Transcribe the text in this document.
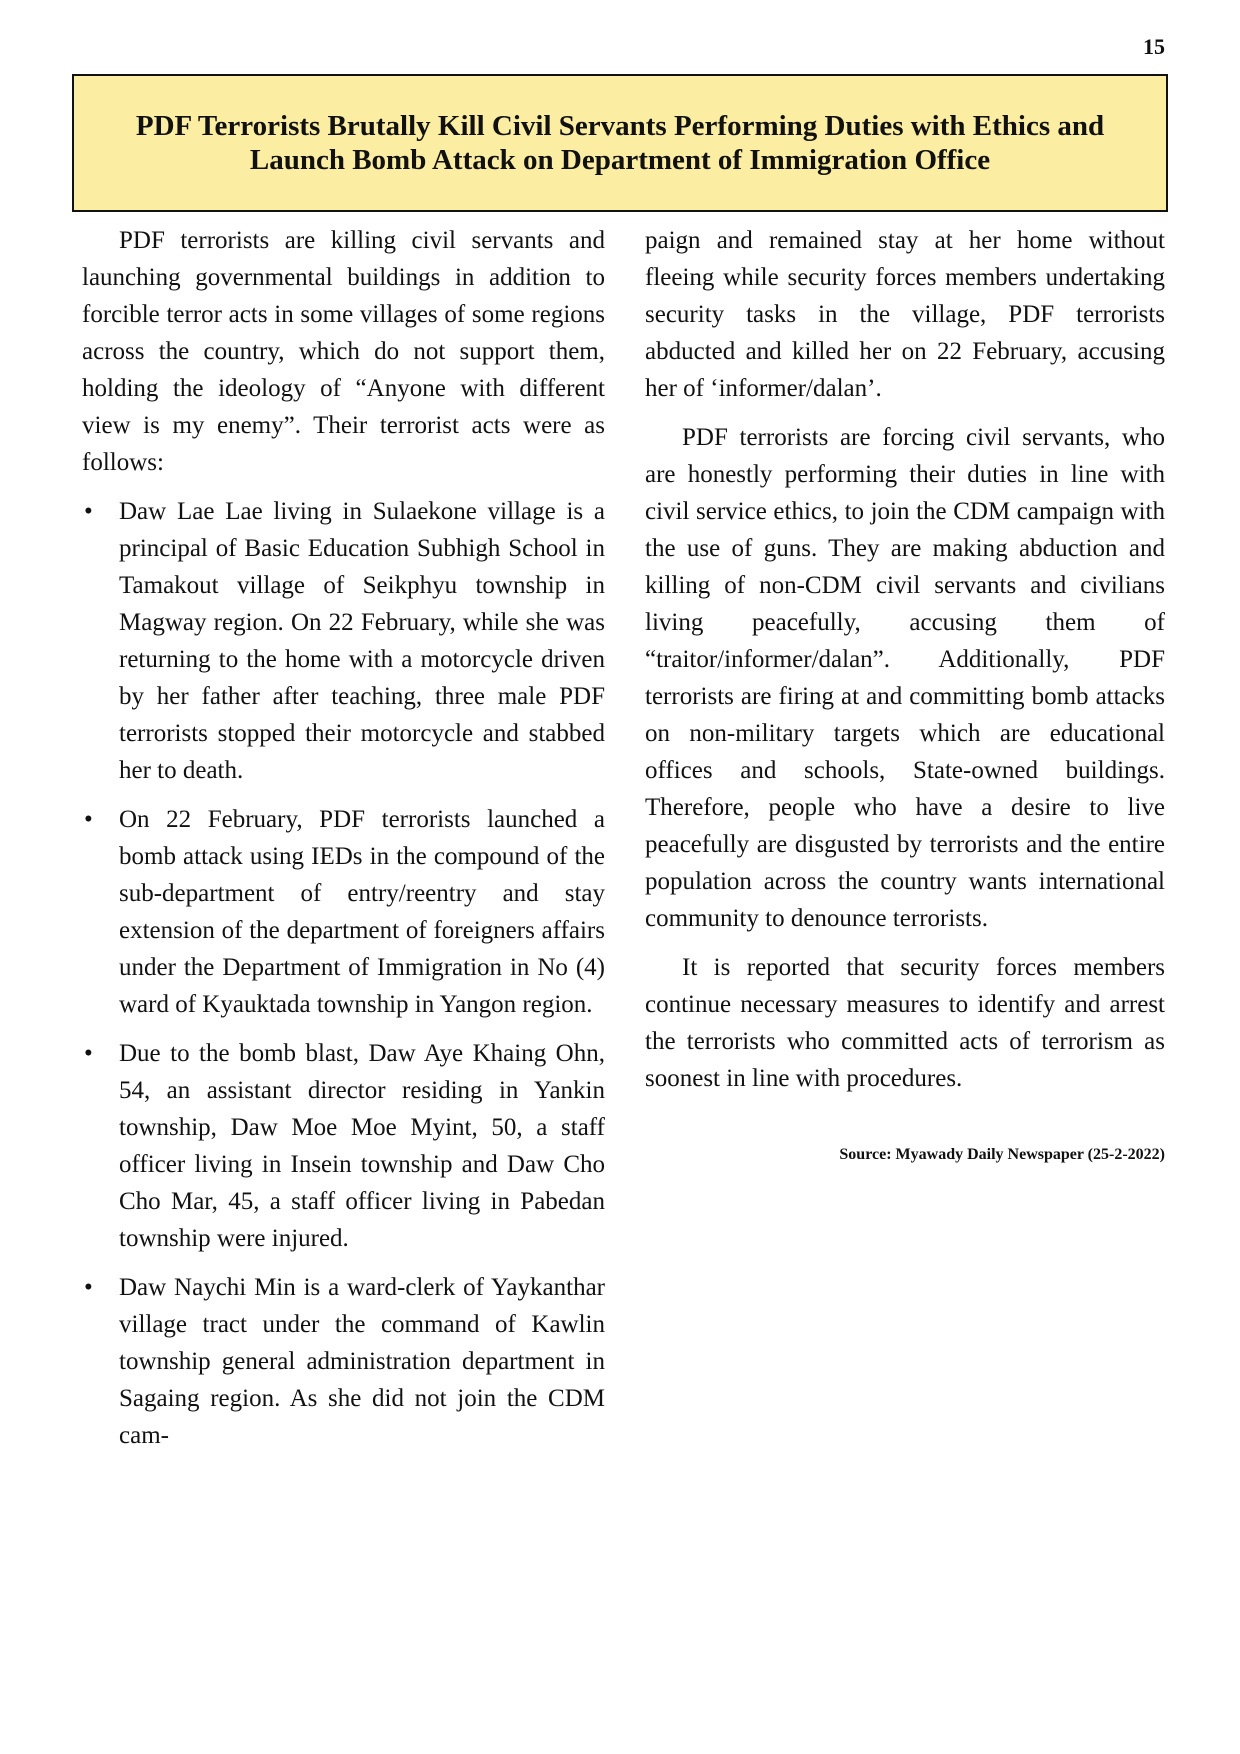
15
PDF Terrorists Brutally Kill Civil Servants Performing Duties with Ethics and
Launch Bomb Attack on Department of Immigration Office

PDF terrorists are killing civil servants and launching governmental buildings in addition to forcible terror acts in some villages of some regions across the country, which do not support them, holding the ideology of “Anyone with different view is my enemy”. Their terrorist acts were as follows:

• Daw Lae Lae living in Sulaekone village is a principal of Basic Education Subhigh School in Tamakout village of Seikphyu township in Magway region. On 22 February, while she was returning to the home with a motorcycle driven by her father after teaching, three male PDF terrorists stopped their motorcycle and stabbed her to death.
• On 22 February, PDF terrorists launched a bomb attack using IEDs in the compound of the sub-department of entry/reentry and stay extension of the department of foreigners affairs under the Department of Immigration in No (4) ward of Kyauktada township in Yangon region.
• Due to the bomb blast, Daw Aye Khaing Ohn, 54, an assistant director residing in Yankin township, Daw Moe Moe Myint, 50, a staff officer living in Insein township and Daw Cho Cho Mar, 45, a staff officer living in Pabedan township were injured.
• Daw Naychi Min is a ward-clerk of Yaykanthar village tract under the command of Kawlin township general administration department in Sagaing region. As she did not join the CDM cam-

paign and remained stay at her home without fleeing while security forces members undertaking security tasks in the village, PDF terrorists abducted and killed her on 22 February, accusing her of ‘informer/dalan’.

PDF terrorists are forcing civil servants, who are honestly performing their duties in line with civil service ethics, to join the CDM campaign with the use of guns. They are making abduction and killing of non-CDM civil servants and civilians living peacefully, accusing them of “traitor/informer/dalan”. Additionally, PDF terrorists are firing at and committing bomb attacks on non-military targets which are educational offices and schools, State-owned buildings. Therefore, people who have a desire to live peacefully are disgusted by terrorists and the entire population across the country wants international community to denounce terrorists.

It is reported that security forces members continue necessary measures to identify and arrest the terrorists who committed acts of terrorism as soonest in line with procedures.

Source: Myawady Daily Newspaper (25-2-2022)
